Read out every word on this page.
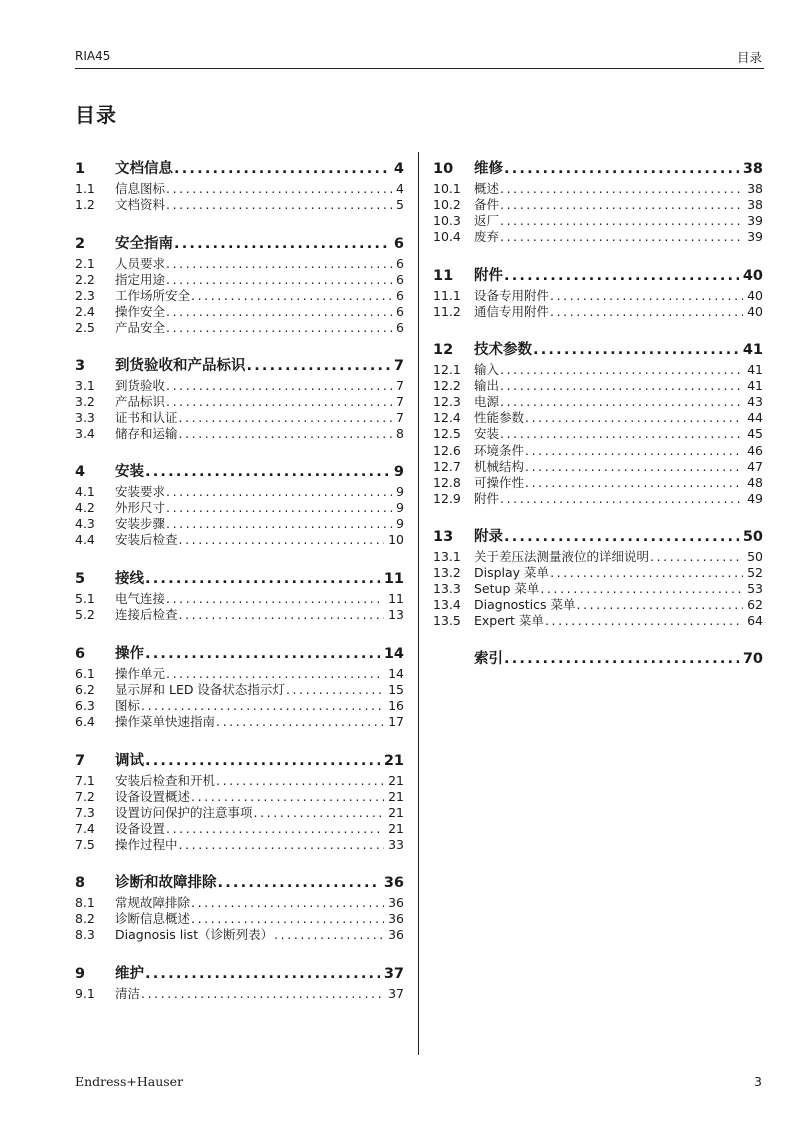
RIA45	目录
目录
1	文档信息 .....	4
1.1	信息图标 .....	4
1.2	文档资料 .....	5
2	安全指南 .....	6
2.1	人员要求 .....	6
2.2	指定用途 .....	6
2.3	工作场所安全 .....	6
2.4	操作安全 .....	6
2.5	产品安全 .....	6
3	到货验收和产品标识 .....	7
3.1	到货验收 .....	7
3.2	产品标识 .....	7
3.3	证书和认证 .....	7
3.4	储存和运输 .....	8
4	安装 .....	9
4.1	安装要求 .....	9
4.2	外形尺寸 .....	9
4.3	安装步骤 .....	9
4.4	安装后检查 .....	10
5	接线 .....	11
5.1	电气连接 .....	11
5.2	连接后检查 .....	13
6	操作 .....	14
6.1	操作单元 .....	14
6.2	显示屏和 LED 设备状态指示灯 .....	15
6.3	图标 .....	16
6.4	操作菜单快速指南 .....	17
7	调试 .....	21
7.1	安装后检查和开机 .....	21
7.2	设备设置概述 .....	21
7.3	设置访问保护的注意事项 .....	21
7.4	设备设置 .....	21
7.5	操作过程中 .....	33
8	诊断和故障排除 .....	36
8.1	常规故障排除 .....	36
8.2	诊断信息概述 .....	36
8.3	Diagnosis list（诊断列表） .....	36
9	维护 .....	37
9.1	清洁 .....	37
10	维修 .....	38
10.1	概述 .....	38
10.2	备件 .....	38
10.3	返厂 .....	39
10.4	废弃 .....	39
11	附件 .....	40
11.1	设备专用附件 .....	40
11.2	通信专用附件 .....	40
12	技术参数 .....	41
12.1	输入 .....	41
12.2	输出 .....	41
12.3	电源 .....	43
12.4	性能参数 .....	44
12.5	安装 .....	45
12.6	环境条件 .....	46
12.7	机械结构 .....	47
12.8	可操作性 .....	48
12.9	附件 .....	49
13	附录 .....	50
13.1	关于差压法测量液位的详细说明 .....	50
13.2	Display 菜单 .....	52
13.3	Setup 菜单 .....	53
13.4	Diagnostics 菜单 .....	62
13.5	Expert 菜单 .....	64
索引 .....	70
Endress+Hauser	3
